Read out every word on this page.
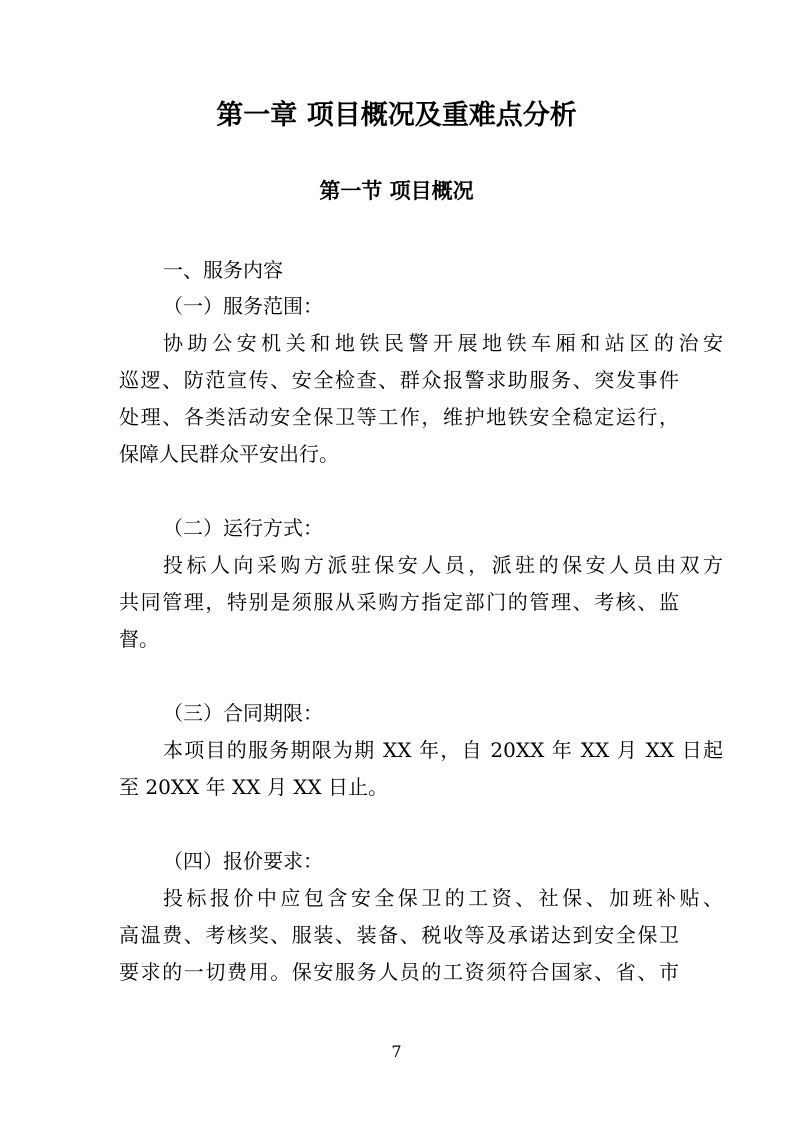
第一章 项目概况及重难点分析
第一节 项目概况

一、服务内容

（一）服务范围：

协助公安机关和地铁民警开展地铁车厢和站区的治安

巡逻、防范宣传、安全检查、群众报警求助服务、突发事件

处理、各类活动安全保卫等工作，维护地铁安全稳定运行，

保障人民群众平安出行。

（二）运行方式：

投标人向采购方派驻保安人员，派驻的保安人员由双方

共同管理，特别是须服从采购方指定部门的管理、考核、监

督。

（三）合同期限：

本项目的服务期限为期 XX 年，自 20XX 年 XX 月 XX 日起

至 20XX 年 XX 月 XX 日止。

（四）报价要求：

投标报价中应包含安全保卫的工资、社保、加班补贴、

高温费、考核奖、服装、装备、税收等及承诺达到安全保卫

要求的一切费用。保安服务人员的工资须符合国家、省、市

7
